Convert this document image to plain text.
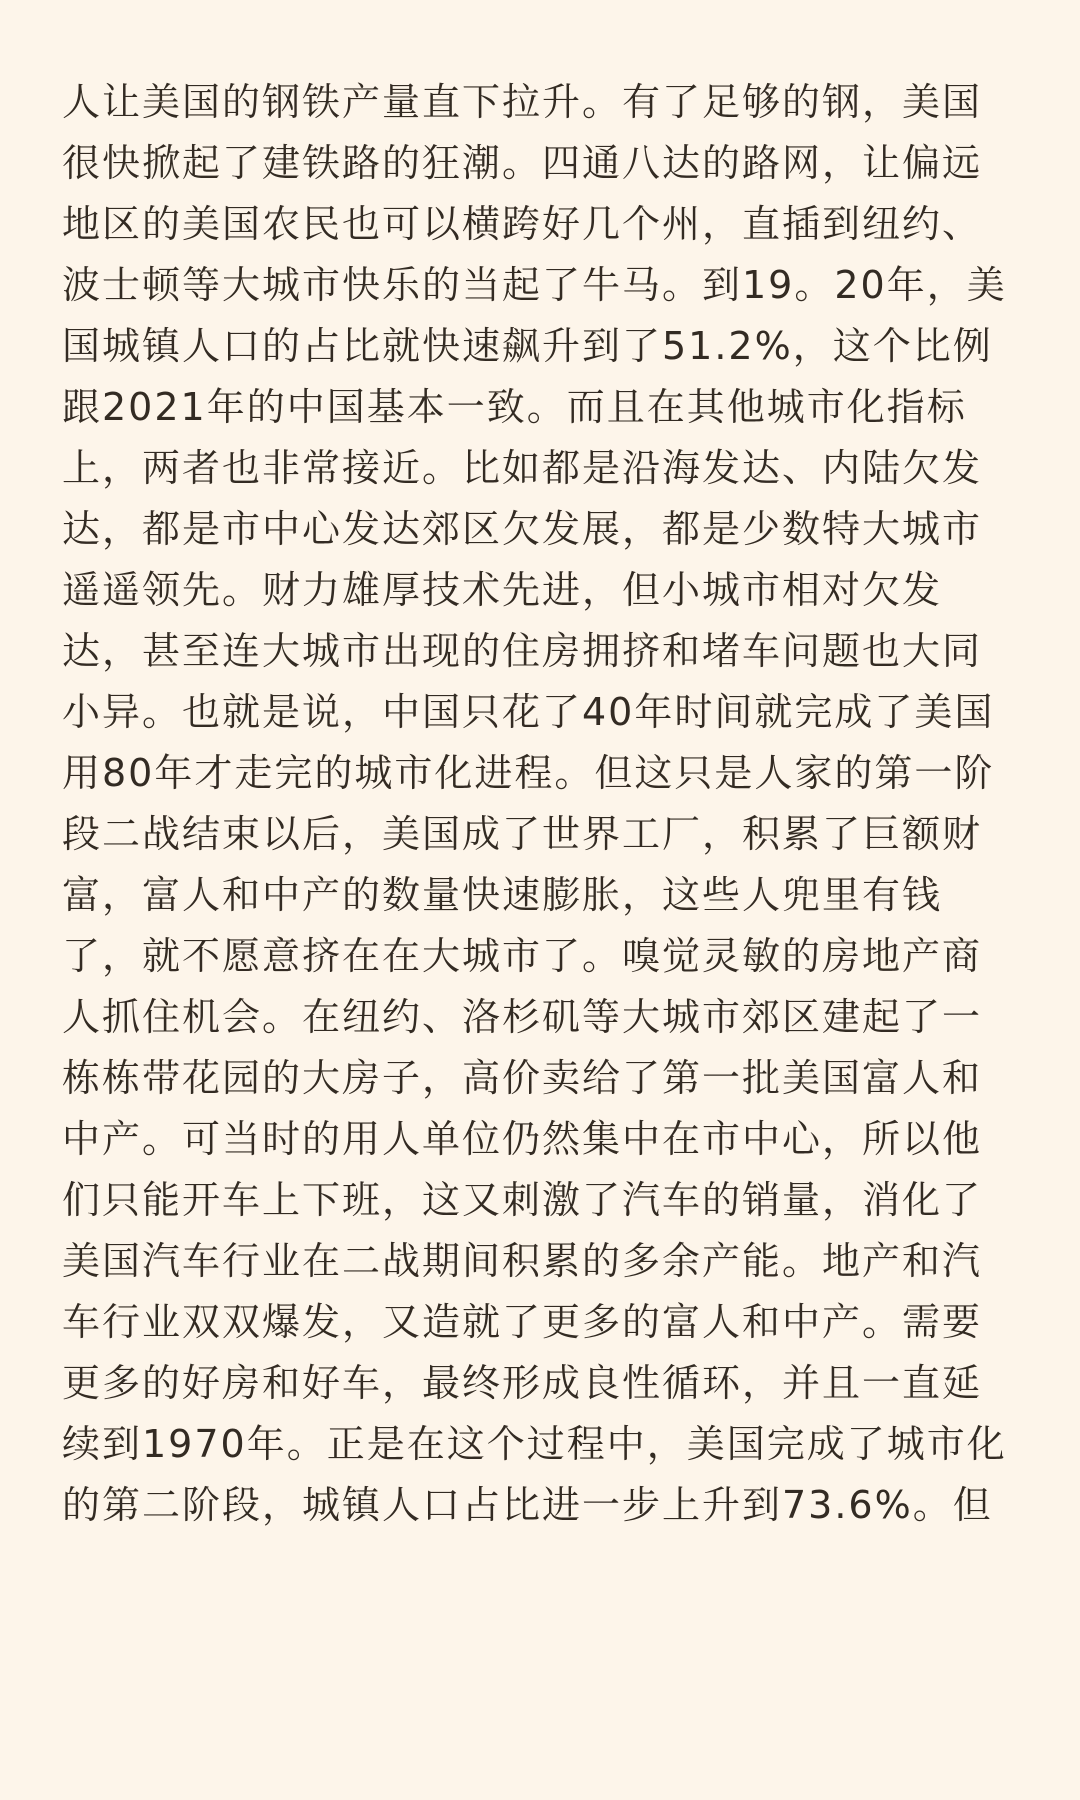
人让美国的钢铁产量直下拉升。有了足够的钢，美国

很快掀起了建铁路的狂潮。四通八达的路网，让偏远

地区的美国农民也可以横跨好几个州，直插到纽约、

波士顿等大城市快乐的当起了牛马。到19。20年，美

国城镇人口的占比就快速飙升到了51.2%，这个比例

跟2021年的中国基本一致。而且在其他城市化指标

上，两者也非常接近。比如都是沿海发达、内陆欠发

达，都是市中心发达郊区欠发展，都是少数特大城市

遥遥领先。财力雄厚技术先进，但小城市相对欠发

达，甚至连大城市出现的住房拥挤和堵车问题也大同

小异。也就是说，中国只花了40年时间就完成了美国

用80年才走完的城市化进程。但这只是人家的第一阶

段二战结束以后，美国成了世界工厂，积累了巨额财

富，富人和中产的数量快速膨胀，这些人兜里有钱

了，就不愿意挤在在大城市了。嗅觉灵敏的房地产商

人抓住机会。在纽约、洛杉矶等大城市郊区建起了一

栋栋带花园的大房子，高价卖给了第一批美国富人和

中产。可当时的用人单位仍然集中在市中心，所以他

们只能开车上下班，这又刺激了汽车的销量，消化了

美国汽车行业在二战期间积累的多余产能。地产和汽

车行业双双爆发，又造就了更多的富人和中产。需要

更多的好房和好车，最终形成良性循环，并且一直延

续到1970年。正是在这个过程中，美国完成了城市化

的第二阶段，城镇人口占比进一步上升到73.6%。但
